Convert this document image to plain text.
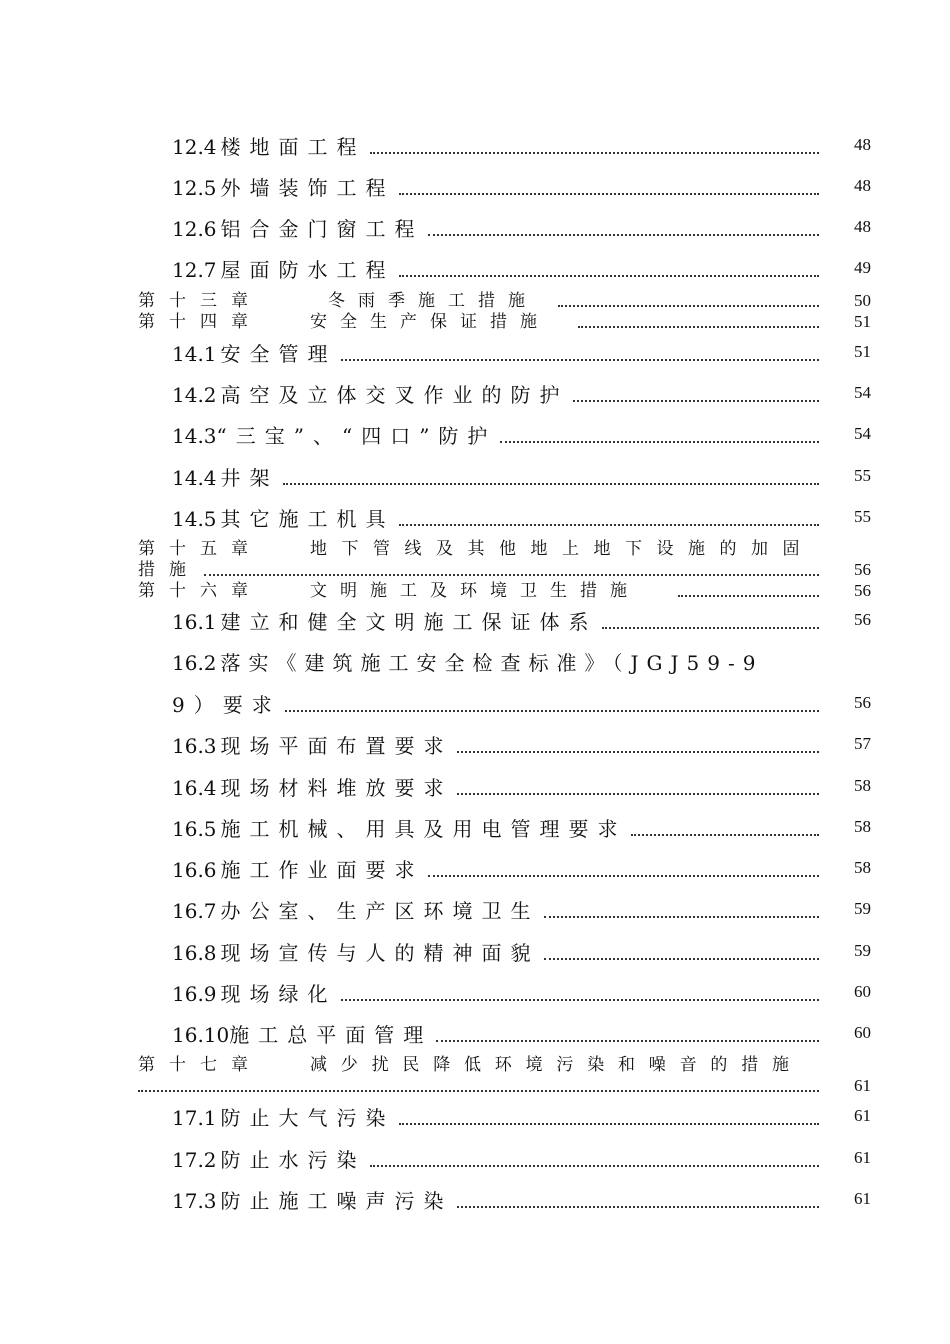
12.4 楼地面工程	48
12.5 外墙装饰工程	48
12.6 铝合金门窗工程	48
12.7 屋面防水工程	49
第十三章	冬雨季施工措施	50
第十四章	安全生产保证措施	51
14.1 安全管理	51
14.2 高空及立体交叉作业的防护	54
14.3 “三宝”、“四口”防护	54
14.4 井架	55
14.5 其它施工机具	55
第十五章	地下管线及其他地上地下设施的加固
措施	56
第十六章	文明施工及环境卫生措施	56
16.1 建立和健全文明施工保证体系	56
16.2 落实《建筑施工安全检查标准》（JGJ59-9
9）要求	56
16.3 现场平面布置要求	57
16.4 现场材料堆放要求	58
16.5 施工机械、用具及用电管理要求	58
16.6 施工作业面要求	58
16.7 办公室、生产区环境卫生	59
16.8 现场宣传与人的精神面貌	59
16.9 现场绿化	60
16.10 施工总平面管理	60
第十七章	减少扰民降低环境污染和噪音的措施
61
17.1 防止大气污染	61
17.2 防止水污染	61
17.3 防止施工噪声污染	61
